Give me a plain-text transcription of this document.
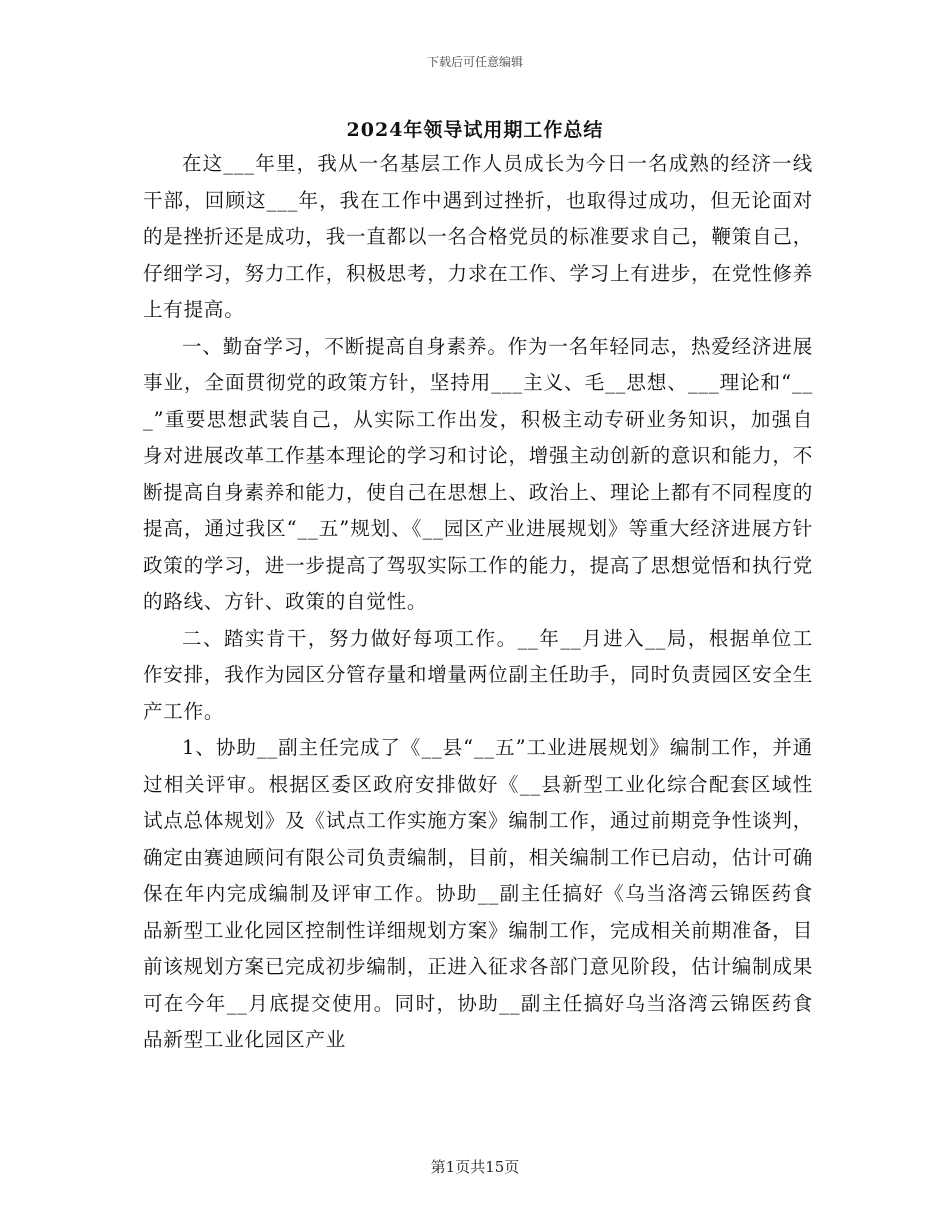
下载后可任意编辑
2024年领导试用期工作总结

在这___年里，我从一名基层工作人员成长为今日一名成熟的经济一线干部，回顾这___年，我在工作中遇到过挫折，也取得过成功，但无论面对的是挫折还是成功，我一直都以一名合格党员的标准要求自己，鞭策自己，仔细学习，努力工作，积极思考，力求在工作、学习上有进步，在党性修养上有提高。

一、勤奋学习，不断提高自身素养。作为一名年轻同志，热爱经济进展事业，全面贯彻党的政策方针，坚持用___主义、毛__思想、___理论和“___”重要思想武装自己，从实际工作出发，积极主动专研业务知识，加强自身对进展改革工作基本理论的学习和讨论，增强主动创新的意识和能力，不断提高自身素养和能力，使自己在思想上、政治上、理论上都有不同程度的提高，通过我区“__五”规划、《__园区产业进展规划》等重大经济进展方针政策的学习，进一步提高了驾驭实际工作的能力，提高了思想觉悟和执行党的路线、方针、政策的自觉性。

二、踏实肯干，努力做好每项工作。__年__月进入__局，根据单位工作安排，我作为园区分管存量和增量两位副主任助手，同时负责园区安全生产工作。

1、协助__副主任完成了《__县“__五”工业进展规划》编制工作，并通过相关评审。根据区委区政府安排做好《__县新型工业化综合配套区域性试点总体规划》及《试点工作实施方案》编制工作，通过前期竞争性谈判，确定由赛迪顾问有限公司负责编制，目前，相关编制工作已启动，估计可确保在年内完成编制及评审工作。协助__副主任搞好《乌当洛湾云锦医药食品新型工业化园区控制性详细规划方案》编制工作，完成相关前期准备，目前该规划方案已完成初步编制，正进入征求各部门意见阶段，估计编制成果可在今年__月底提交使用。同时，协助__副主任搞好乌当洛湾云锦医药食品新型工业化园区产业

第1页共15页
